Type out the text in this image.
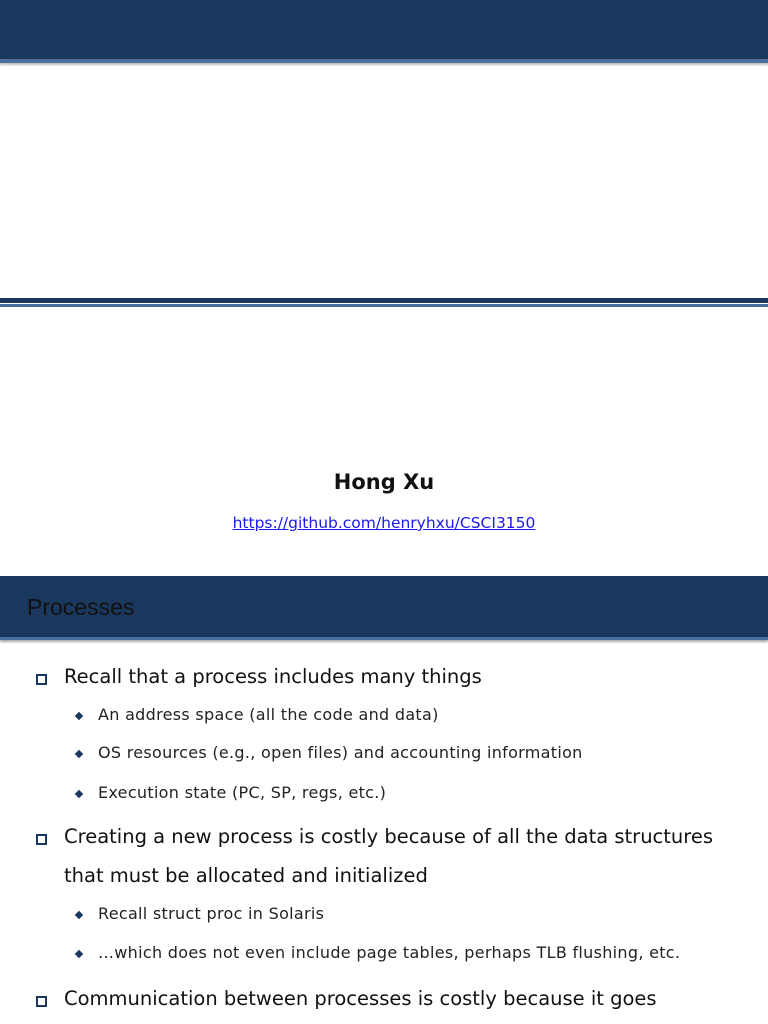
Hong Xu
https://github.com/henryhxu/CSCI3150
Processes
Recall that a process includes many things
An address space (all the code and data)
OS resources (e.g., open files) and accounting information
Execution state (PC, SP, regs, etc.)
Creating a new process is costly because of all the data structures
that must be allocated and initialized
Recall struct proc in Solaris
…which does not even include page tables, perhaps TLB flushing, etc.
Communication between processes is costly because it goes
